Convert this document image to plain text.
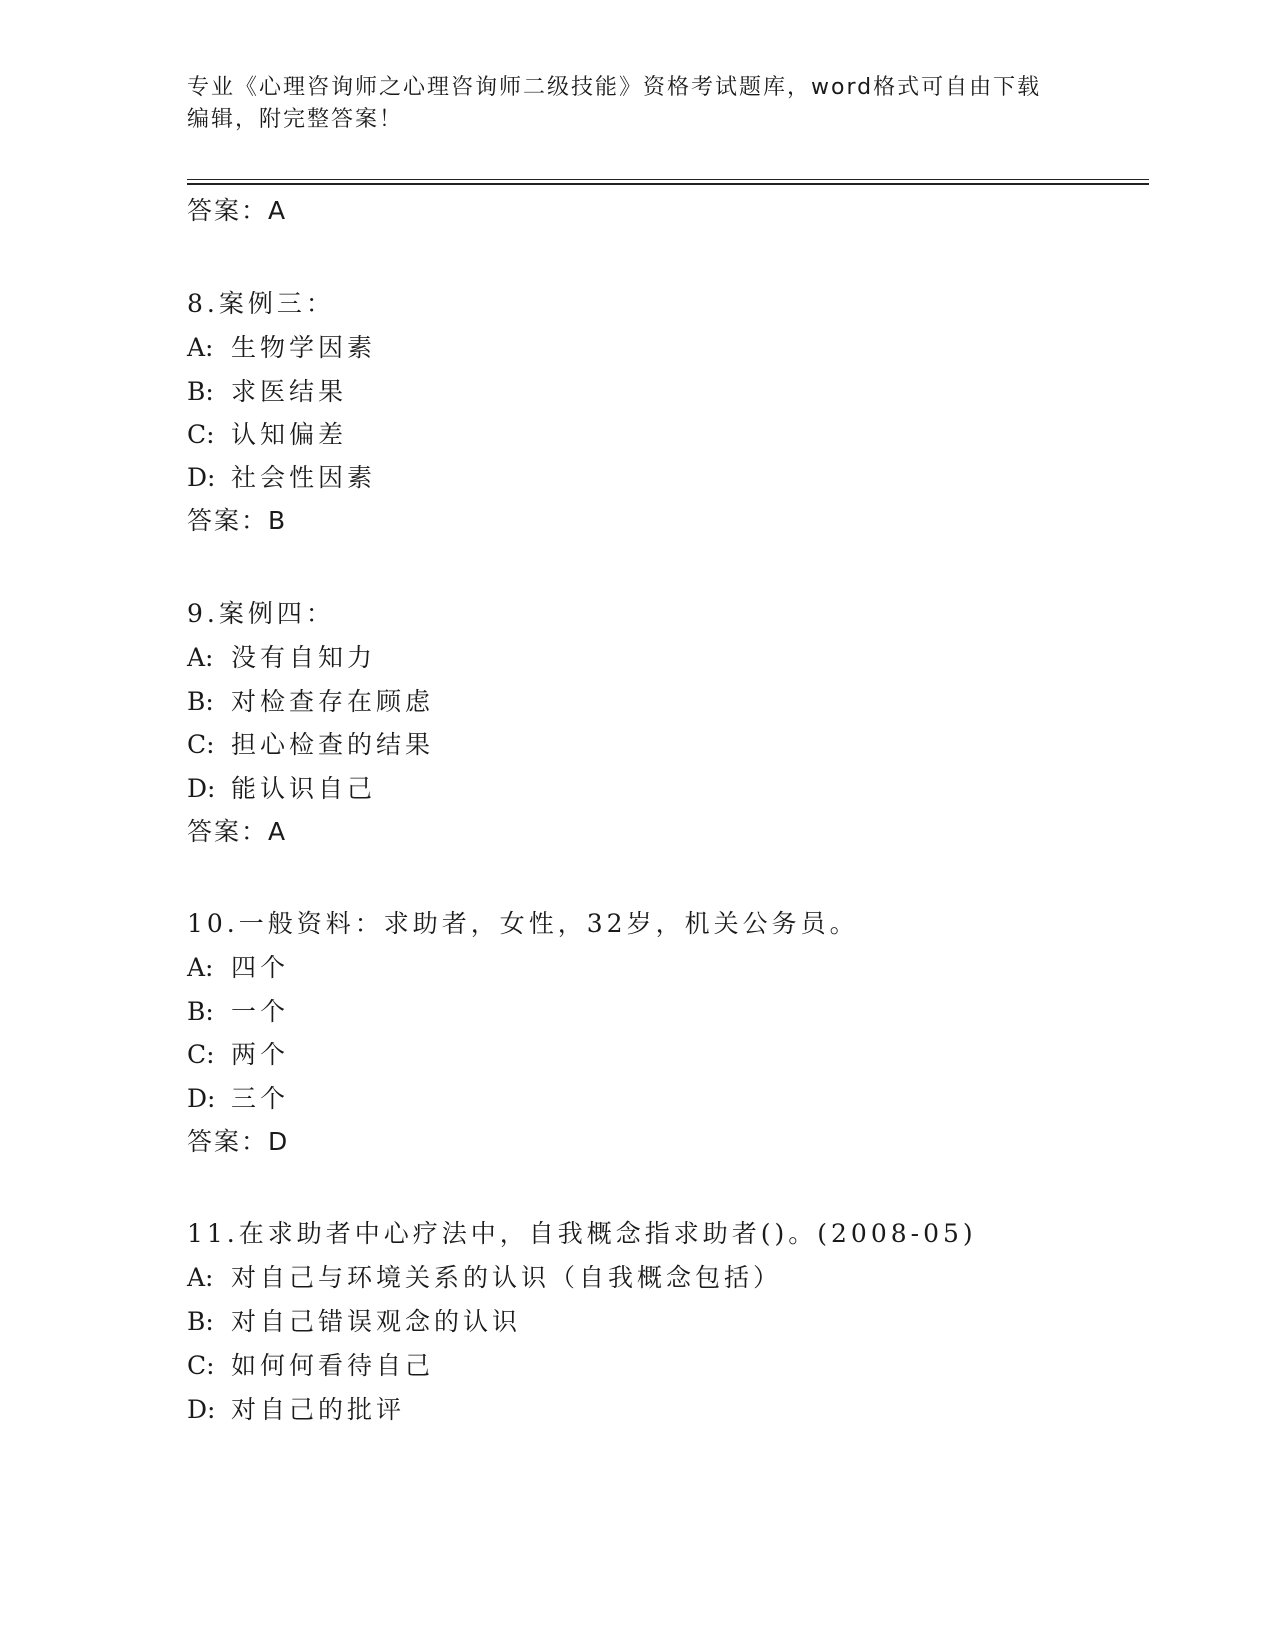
专业《心理咨询师之心理咨询师二级技能》资格考试题库，word格式可自由下载
编辑，附完整答案！
答案：A
8.案例三：
A: 生物学因素
B: 求医结果
C: 认知偏差
D: 社会性因素
答案：B
9.案例四：
A: 没有自知力
B: 对检查存在顾虑
C: 担心检查的结果
D: 能认识自己
答案：A
10.一般资料：求助者，女性，32岁，机关公务员。
A: 四个
B: 一个
C: 两个
D: 三个
答案：D
11.在求助者中心疗法中，自我概念指求助者()。(2008-05)
A: 对自己与环境关系的认识（自我概念包括）
B: 对自己错误观念的认识
C: 如何何看待自己
D: 对自己的批评
